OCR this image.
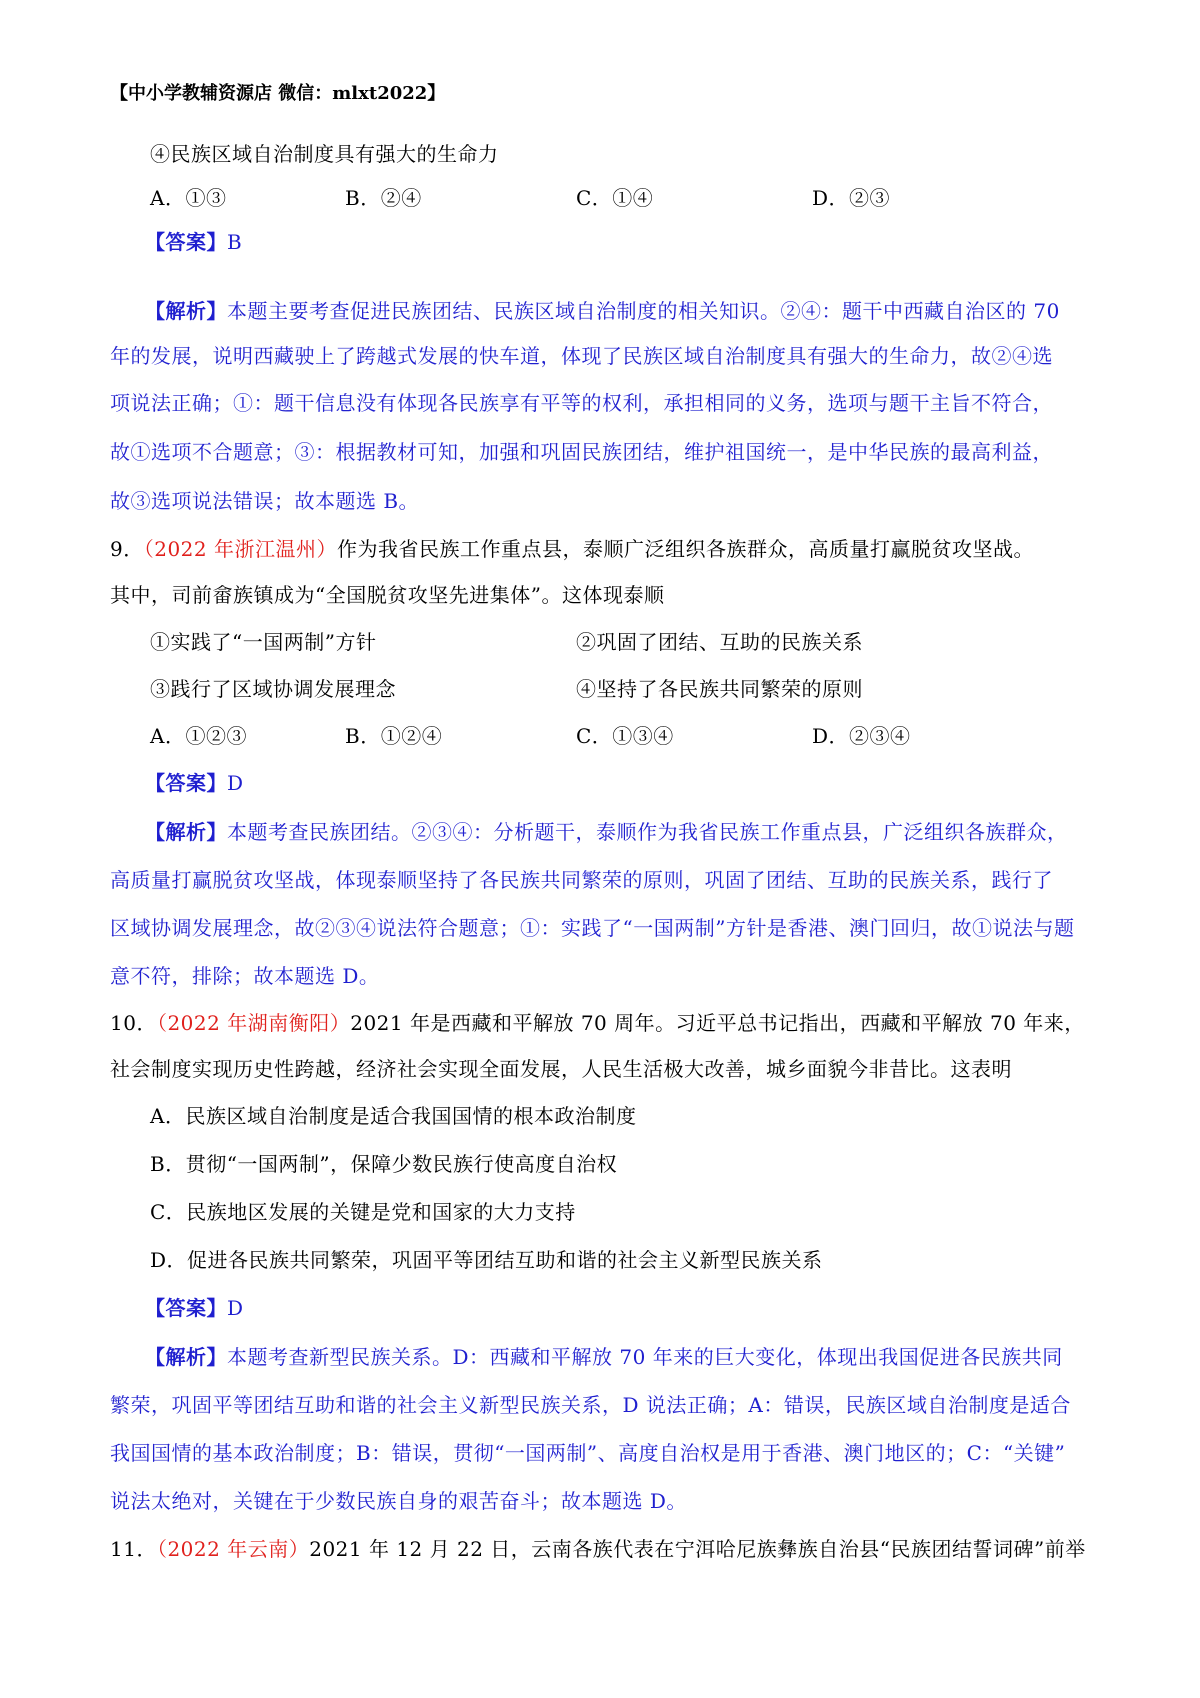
【中小学教辅资源店 微信：mlxt2022】
④民族区域自治制度具有强大的生命力
A．①③	B．②④	C．①④	D．②③
【答案】B
【解析】本题主要考查促进民族团结、民族区域自治制度的相关知识。②④：题干中西藏自治区的 70
年的发展，说明西藏驶上了跨越式发展的快车道，体现了民族区域自治制度具有强大的生命力，故②④选
项说法正确；①：题干信息没有体现各民族享有平等的权利，承担相同的义务，选项与题干主旨不符合，
故①选项不合题意；③：根据教材可知，加强和巩固民族团结，维护祖国统一，是中华民族的最高利益，
故③选项说法错误；故本题选 B。
9．（2022 年浙江温州）作为我省民族工作重点县，泰顺广泛组织各族群众，高质量打赢脱贫攻坚战。
其中，司前畲族镇成为“全国脱贫攻坚先进集体”。这体现泰顺
①实践了“一国两制”方针	②巩固了团结、互助的民族关系
③践行了区域协调发展理念	④坚持了各民族共同繁荣的原则
A．①②③	B．①②④	C．①③④	D．②③④
【答案】D
【解析】本题考查民族团结。②③④：分析题干，泰顺作为我省民族工作重点县，广泛组织各族群众，
高质量打赢脱贫攻坚战，体现泰顺坚持了各民族共同繁荣的原则，巩固了团结、互助的民族关系，践行了
区域协调发展理念，故②③④说法符合题意；①：实践了“一国两制”方针是香港、澳门回归，故①说法与题
意不符，排除；故本题选 D。
10．（2022 年湖南衡阳）2021 年是西藏和平解放 70 周年。习近平总书记指出，西藏和平解放 70 年来，
社会制度实现历史性跨越，经济社会实现全面发展，人民生活极大改善，城乡面貌今非昔比。这表明
A．民族区域自治制度是适合我国国情的根本政治制度
B．贯彻“一国两制”，保障少数民族行使高度自治权
C．民族地区发展的关键是党和国家的大力支持
D．促进各民族共同繁荣，巩固平等团结互助和谐的社会主义新型民族关系
【答案】D
【解析】本题考查新型民族关系。D：西藏和平解放 70 年来的巨大变化，体现出我国促进各民族共同
繁荣，巩固平等团结互助和谐的社会主义新型民族关系，D 说法正确；A：错误，民族区域自治制度是适合
我国国情的基本政治制度；B：错误，贯彻“一国两制”、高度自治权是用于香港、澳门地区的；C：“关键”
说法太绝对，关键在于少数民族自身的艰苦奋斗；故本题选 D。
11．（2022 年云南）2021 年 12 月 22 日，云南各族代表在宁洱哈尼族彝族自治县“民族团结誓词碑”前举
